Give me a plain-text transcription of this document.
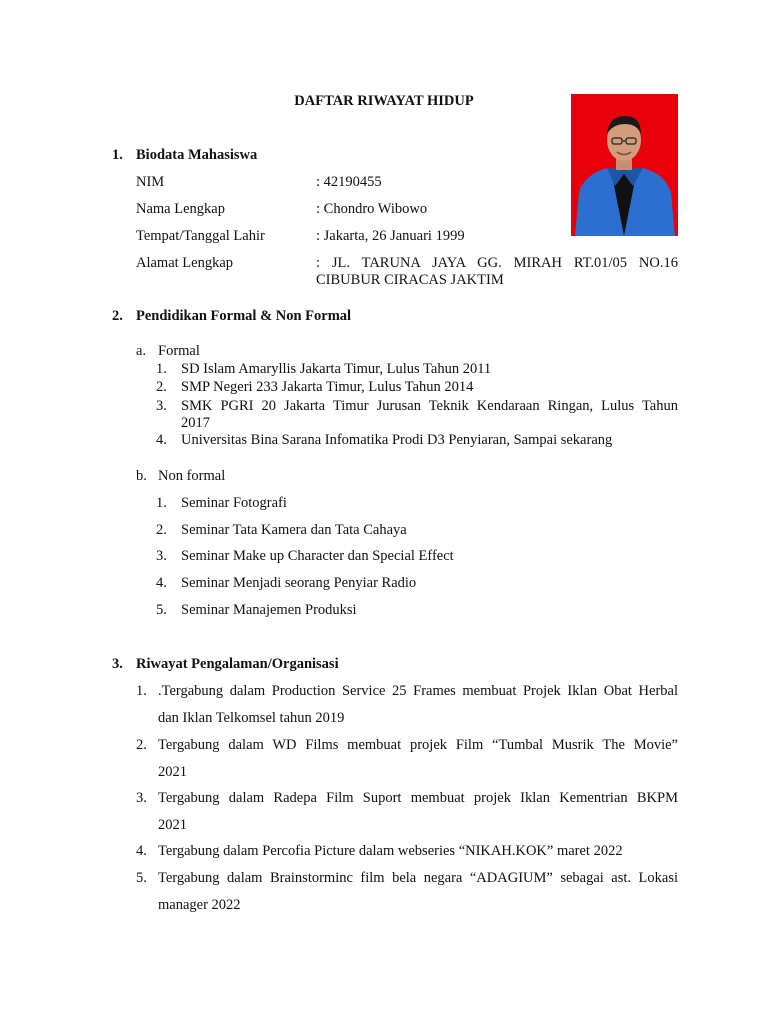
DAFTAR RIWAYAT HIDUP
1. Biodata Mahasiswa
NIM	: 42190455
Nama Lengkap	: Chondro Wibowo
Tempat/Tanggal Lahir	: Jakarta, 26 Januari 1999
Alamat Lengkap	: JL. TARUNA JAYA GG. MIRAH RT.01/05 NO.16
CIBUBUR CIRACAS JAKTIM
2. Pendidikan Formal & Non Formal
a. Formal
1. SD Islam Amaryllis Jakarta Timur, Lulus Tahun 2011
2. SMP Negeri 233 Jakarta Timur, Lulus Tahun 2014
3. SMK PGRI 20 Jakarta Timur Jurusan Teknik Kendaraan Ringan, Lulus Tahun
2017
4. Universitas Bina Sarana Infomatika Prodi D3 Penyiaran, Sampai sekarang
b. Non formal
1. Seminar Fotografi
2. Seminar Tata Kamera dan Tata Cahaya
3. Seminar Make up Character dan Special Effect
4. Seminar Menjadi seorang Penyiar Radio
5. Seminar Manajemen Produksi
3. Riwayat Pengalaman/Organisasi
1. .Tergabung dalam Production Service 25 Frames membuat Projek Iklan Obat Herbal
dan Iklan Telkomsel tahun 2019
2. Tergabung dalam WD Films membuat projek Film “Tumbal Musrik The Movie”
2021
3. Tergabung dalam Radepa Film Suport membuat projek Iklan Kementrian BKPM
2021
4. Tergabung dalam Percofia Picture dalam webseries “NIKAH.KOK” maret 2022
5. Tergabung dalam Brainstorminc film bela negara “ADAGIUM” sebagai ast. Lokasi
manager 2022
